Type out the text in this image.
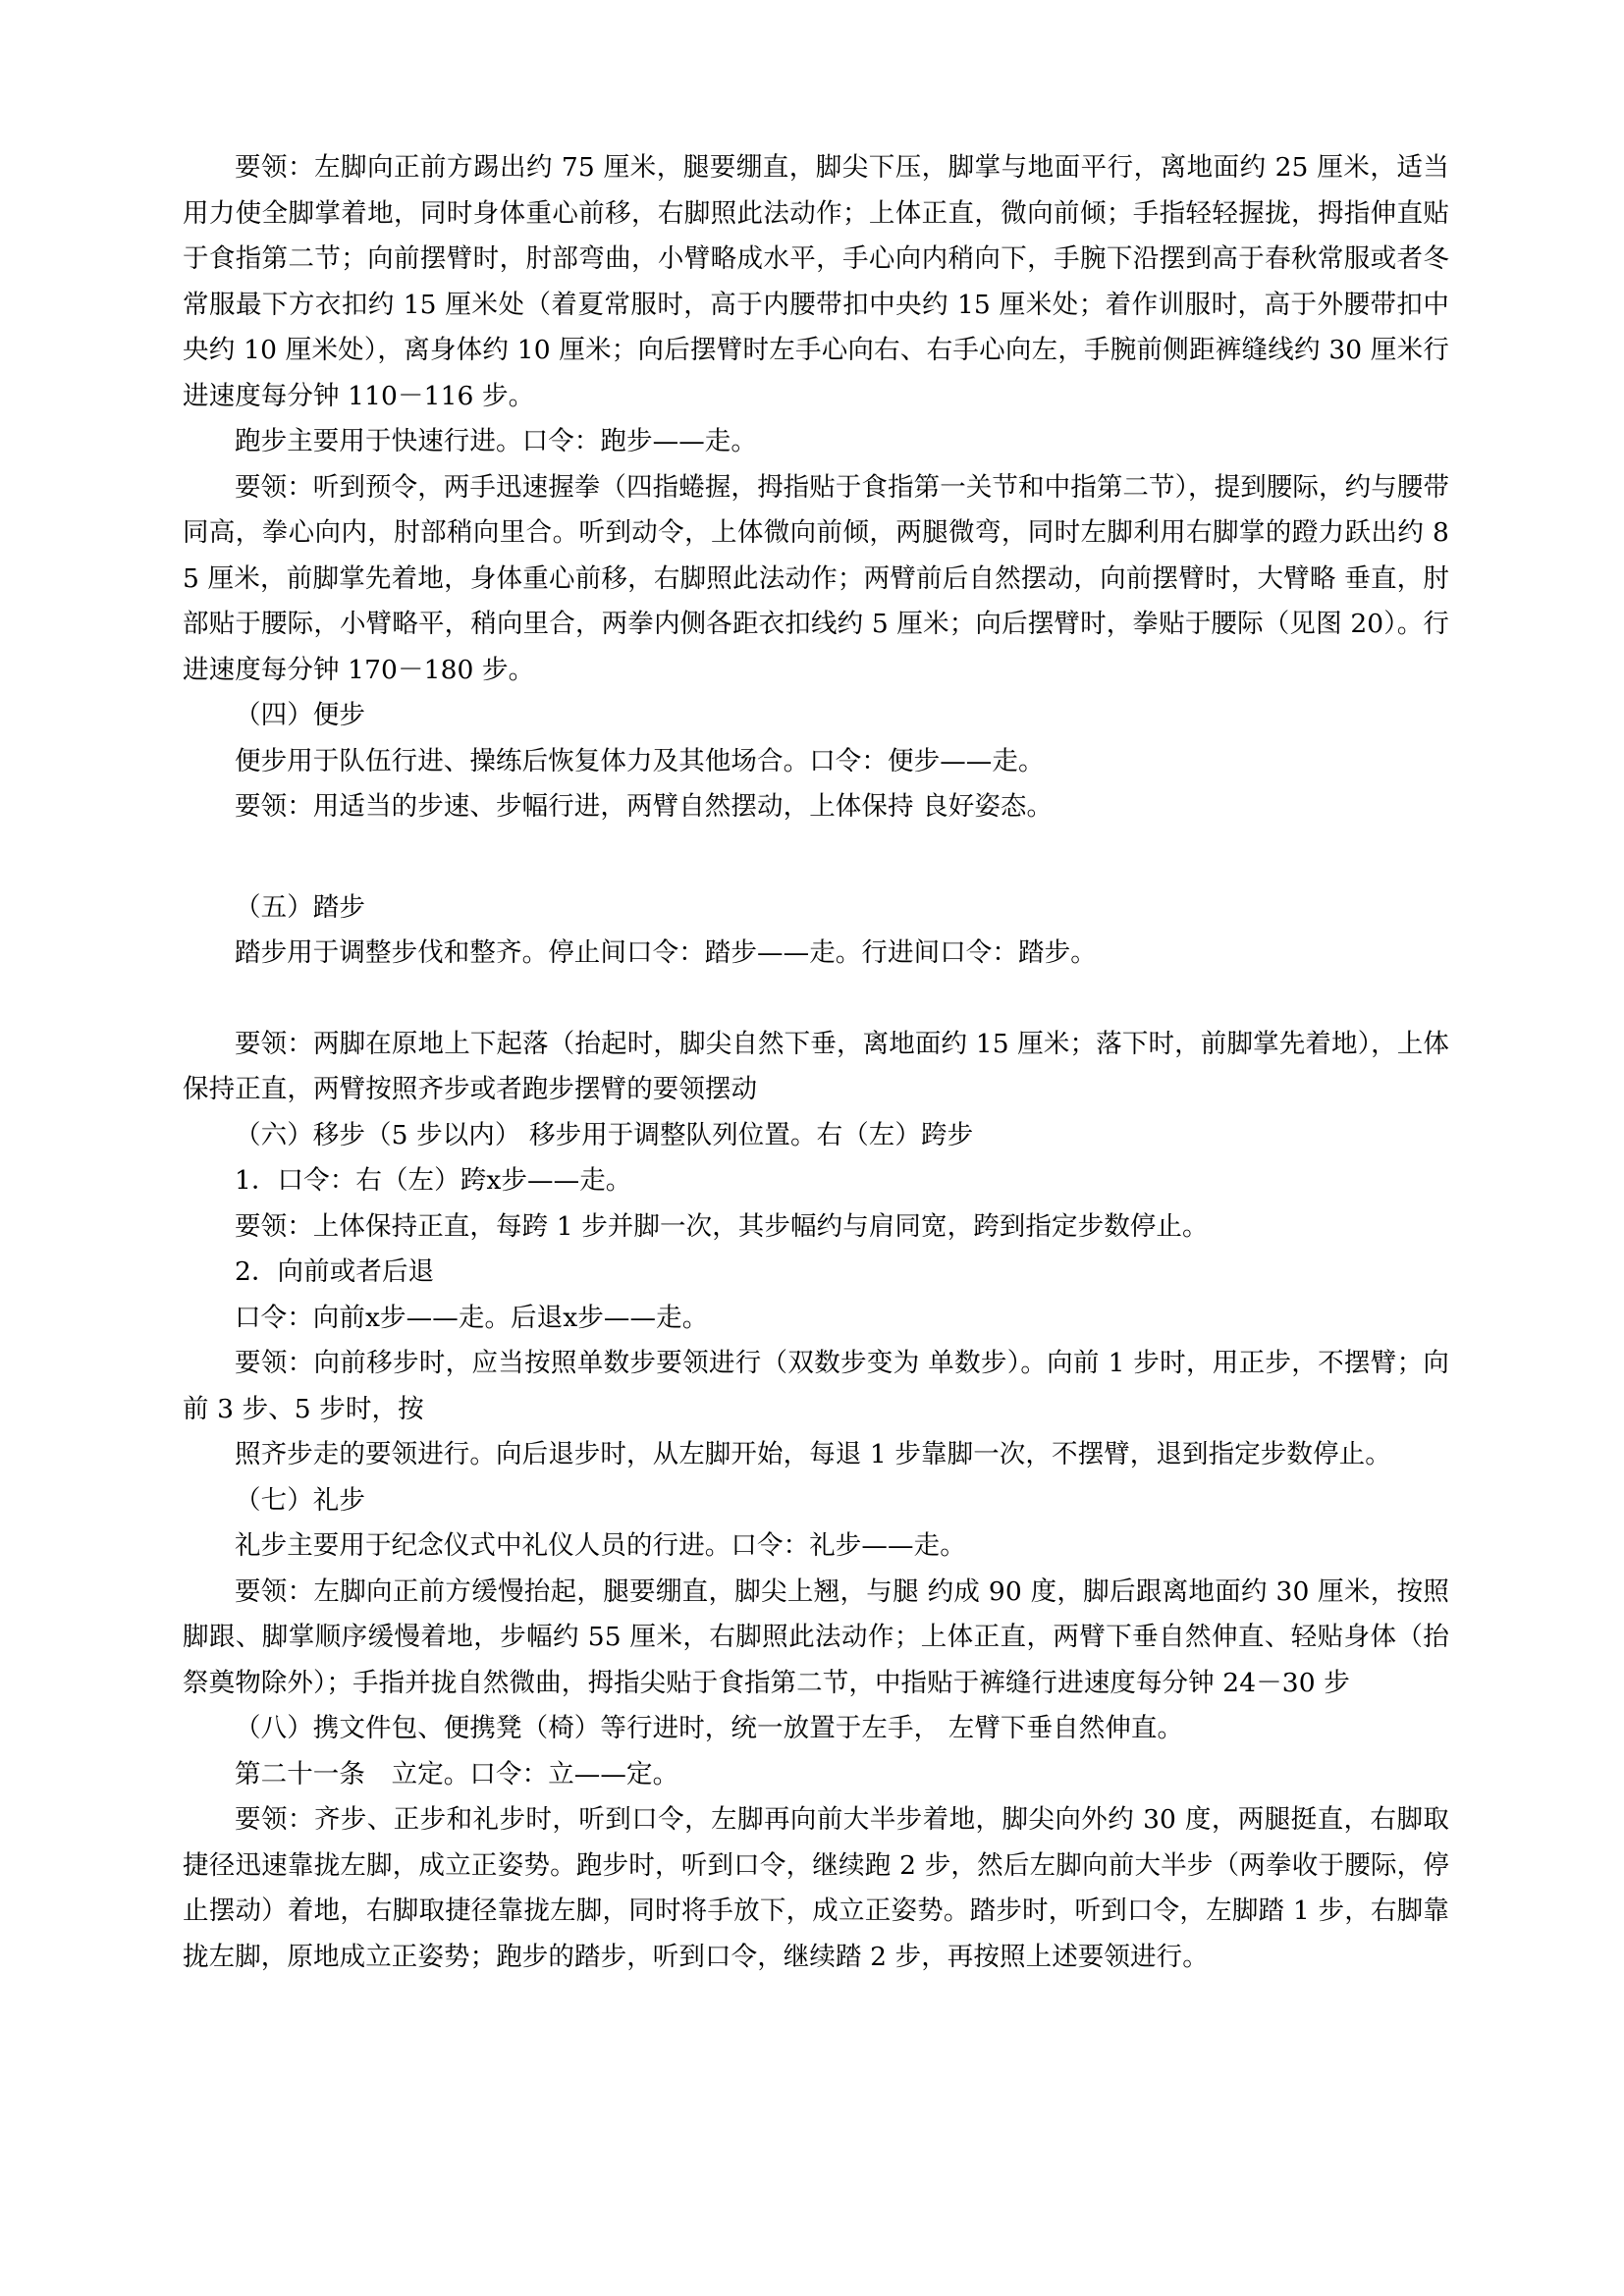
要领：左脚向正前方踢出约 75 厘米，腿要绷直，脚尖下压，脚掌与地面平行，离地面约 25 厘米，适当用力使全脚掌着地，同时身体重心前移，右脚照此法动作；上体正直，微向前倾；手指轻轻握拢，拇指伸直贴于食指第二节；向前摆臂时，肘部弯曲，小臂略成水平，手心向内稍向下，手腕下沿摆到高于春秋常服或者冬常服最下方衣扣约 15 厘米处（着夏常服时，高于内腰带扣中央约 15 厘米处；着作训服时，高于外腰带扣中央约 10 厘米处），离身体约 10 厘米；向后摆臂时左手心向右、右手心向左，手腕前侧距裤缝线约 30 厘米行进速度每分钟 110－116 步。

跑步主要用于快速行进。口令：跑步——走。

要领：听到预令，两手迅速握拳（四指蜷握，拇指贴于食指第一关节和中指第二节），提到腰际，约与腰带同高，拳心向内，肘部稍向里合。听到动令，上体微向前倾，两腿微弯，同时左脚利用右脚掌的蹬力跃出约 85 厘米，前脚掌先着地，身体重心前移，右脚照此法动作；两臂前后自然摆动，向前摆臂时，大臂略 垂直，肘部贴于腰际，小臂略平，稍向里合，两拳内侧各距衣扣线约 5 厘米；向后摆臂时，拳贴于腰际（见图 20）。行进速度每分钟 170－180 步。

（四）便步

便步用于队伍行进、操练后恢复体力及其他场合。口令：便步——走。

要领：用适当的步速、步幅行进，两臂自然摆动，上体保持 良好姿态。

（五）踏步

踏步用于调整步伐和整齐。停止间口令：踏步——走。行进间口令：踏步。

要领：两脚在原地上下起落（抬起时，脚尖自然下垂，离地面约 15 厘米；落下时，前脚掌先着地），上体保持正直，两臂按照齐步或者跑步摆臂的要领摆动

（六）移步（5 步以内） 移步用于调整队列位置。右（左）跨步

1．口令：右（左）跨x步——走。

要领：上体保持正直，每跨 1 步并脚一次，其步幅约与肩同宽，跨到指定步数停止。

2．向前或者后退

口令：向前x步——走。后退x步——走。

要领：向前移步时，应当按照单数步要领进行（双数步变为 单数步）。向前 1 步时，用正步，不摆臂；向前 3 步、5 步时，按

照齐步走的要领进行。向后退步时，从左脚开始，每退 1 步靠脚一次，不摆臂，退到指定步数停止。

（七）礼步

礼步主要用于纪念仪式中礼仪人员的行进。口令：礼步——走。

要领：左脚向正前方缓慢抬起，腿要绷直，脚尖上翘，与腿 约成 90 度，脚后跟离地面约 30 厘米，按照脚跟、脚掌顺序缓慢着地，步幅约 55 厘米，右脚照此法动作；上体正直，两臂下垂自然伸直、轻贴身体（抬祭奠物除外）；手指并拢自然微曲，拇指尖贴于食指第二节，中指贴于裤缝行进速度每分钟 24－30 步

（八）携文件包、便携凳（椅）等行进时，统一放置于左手， 左臂下垂自然伸直。

第二十一条　立定。口令：立——定。

要领：齐步、正步和礼步时，听到口令，左脚再向前大半步着地，脚尖向外约 30 度，两腿挺直，右脚取捷径迅速靠拢左脚，成立正姿势。跑步时，听到口令，继续跑 2 步，然后左脚向前大半步（两拳收于腰际，停止摆动）着地，右脚取捷径靠拢左脚，同时将手放下，成立正姿势。踏步时，听到口令，左脚踏 1 步，右脚靠拢左脚，原地成立正姿势；跑步的踏步，听到口令，继续踏 2 步，再按照上述要领进行。
